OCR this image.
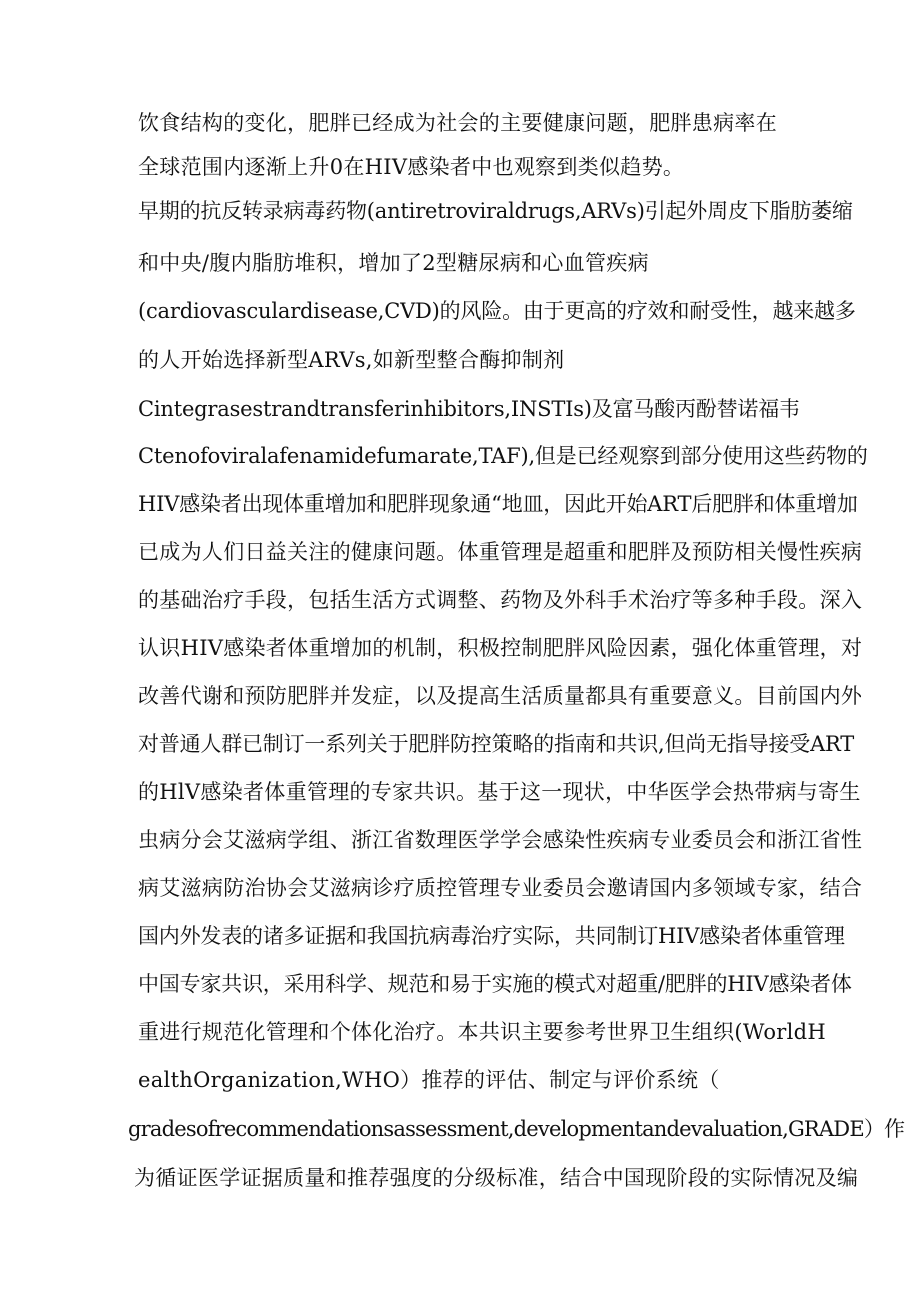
饮食结构的变化，肥胖已经成为社会的主要健康问题，肥胖患病率在
全球范围内逐渐上升0在HIV感染者中也观察到类似趋势。
早期的抗反转录病毒药物(antiretroviraldrugs,ARVs)引起外周皮下脂肪萎缩
和中央/腹内脂肪堆积，增加了2型糖尿病和心血管疾病
(cardiovasculardisease,CVD)的风险。由于更高的疗效和耐受性，越来越多
的人开始选择新型ARVs,如新型整合酶抑制剂
Cintegrasestrandtransferinhibitors,INSTIs)及富马酸丙酚替诺福韦
Ctenofoviralafenamidefumarate,TAF),但是已经观察到部分使用这些药物的
HIV感染者出现体重增加和肥胖现象通“地皿，因此开始ART后肥胖和体重增加
已成为人们日益关注的健康问题。体重管理是超重和肥胖及预防相关慢性疾病
的基础治疗手段，包括生活方式调整、药物及外科手术治疗等多种手段。深入
认识HIV感染者体重增加的机制，积极控制肥胖风险因素，强化体重管理，对
改善代谢和预防肥胖并发症，以及提高生活质量都具有重要意义。目前国内外
对普通人群已制订一系列关于肥胖防控策略的指南和共识,但尚无指导接受ART
的HlV感染者体重管理的专家共识。基于这一现状，中华医学会热带病与寄生
虫病分会艾滋病学组、浙江省数理医学学会感染性疾病专业委员会和浙江省性
病艾滋病防治协会艾滋病诊疗质控管理专业委员会邀请国内多领域专家，结合
国内外发表的诸多证据和我国抗病毒治疗实际，共同制订HIV感染者体重管理
中国专家共识，采用科学、规范和易于实施的模式对超重/肥胖的HIV感染者体
重进行规范化管理和个体化治疗。本共识主要参考世界卫生组织(WorldH
ealthOrganization,WHO）推荐的评估、制定与评价系统（
gradesofrecommendationsassessment,developmentandevaluation,GRADE）作
为循证医学证据质量和推荐强度的分级标准，结合中国现阶段的实际情况及编
